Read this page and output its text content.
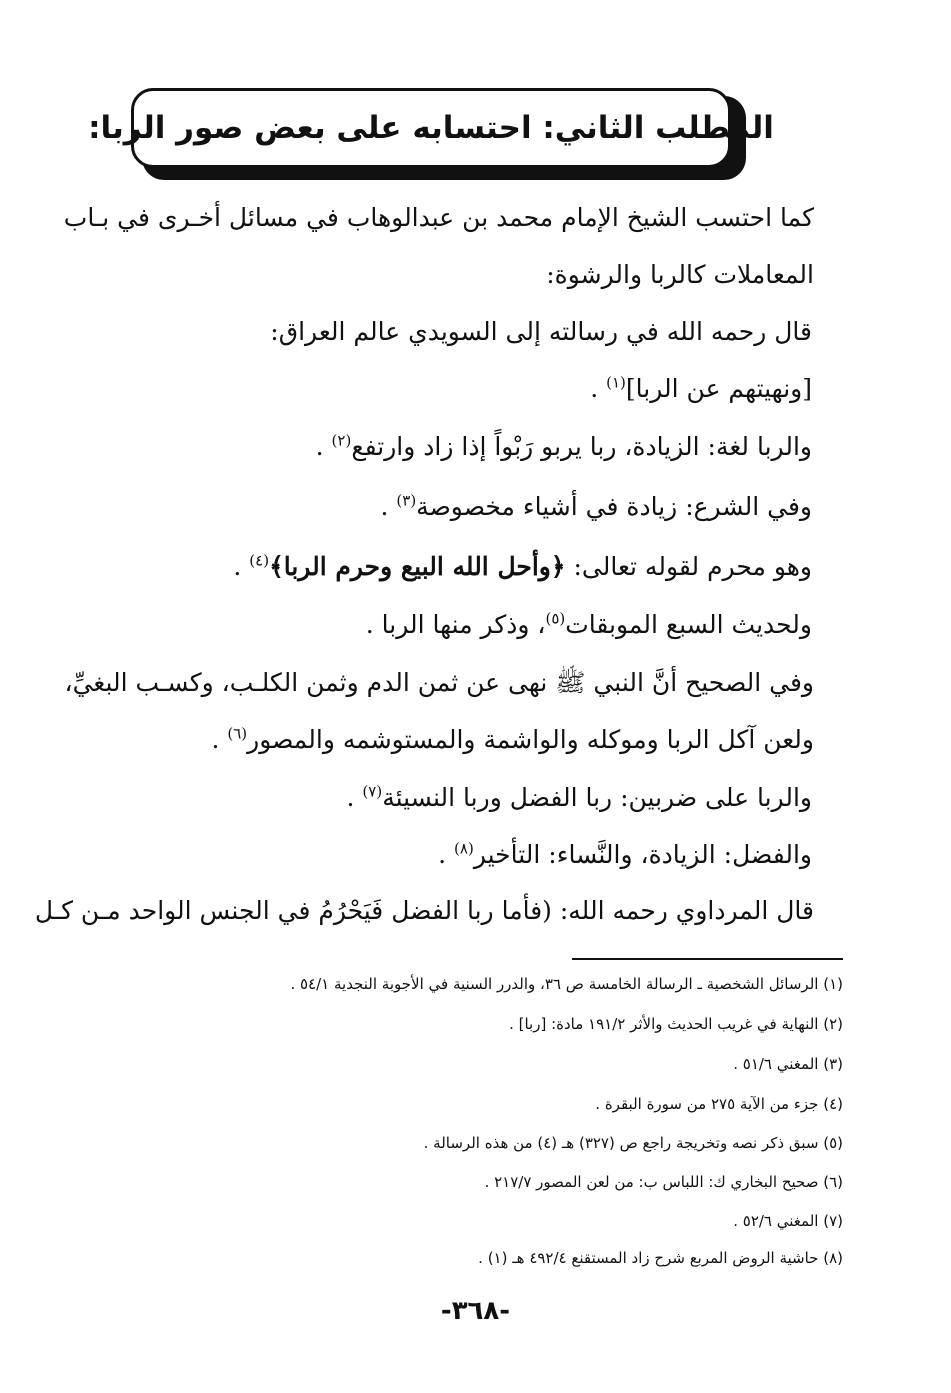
المطلب الثاني: احتسابه على بعض صور الربا:
كما احتسب الشيخ الإمام محمد بن عبدالوهاب في مسائل أخـرى في بـاب
المعاملات كالربا والرشوة:
قال رحمه الله في رسالته إلى السويدي عالم العراق:
[ونهيتهم عن الربا]$^{(١)}$ .
والربا لغة: الزيادة، ربا يربو رَبْواً إذا زاد وارتفع$^{(٢)}$ .
وفي الشرع: زيادة في أشياء مخصوصة$^{(٣)}$ .
وهو محرم لقوله تعالى: ﴿وأحل الله البيع وحرم الربا﴾$^{(٤)}$ .
ولحديث السبع الموبقات$^{(٥)}$، وذكر منها الربا .
وفي الصحيح أنَّ النبي ﷺ نهى عن ثمن الدم وثمن الكلـب، وكسـب البغيِّ،
ولعن آكل الربا وموكله والواشمة والمستوشمه والمصور$^{(٦)}$ .
والربا على ضربين: ربا الفضل وربا النسيئة$^{(٧)}$ .
والفضل: الزيادة، والنَّساء: التأخير$^{(٨)}$ .
قال المرداوي رحمه الله: (فأما ربا الفضل فَيَحْرُمُ في الجنس الواحد مـن كـل
(١) الرسائل الشخصية ـ الرسالة الخامسة ص ٣٦، والدرر السنية في الأجوبة النجدية ٥٤/١ .
(٢) النهاية في غريب الحديث والأثر ١٩١/٢ مادة: [ربا] .
(٣) المغني ٥١/٦ .
(٤) جزء من الآية ٢٧٥ من سورة البقرة .
(٥) سبق ذكر نصه وتخريجة راجع ص (٣٢٧) هـ (٤) من هذه الرسالة .
(٦) صحيح البخاري ك: اللباس ب: من لعن المصور ٢١٧/٧ .
(٧) المغني ٥٢/٦ .
(٨) حاشية الروض المربع شرح زاد المستقنع ٤٩٢/٤ هـ (١) .
-٣٦٨-
